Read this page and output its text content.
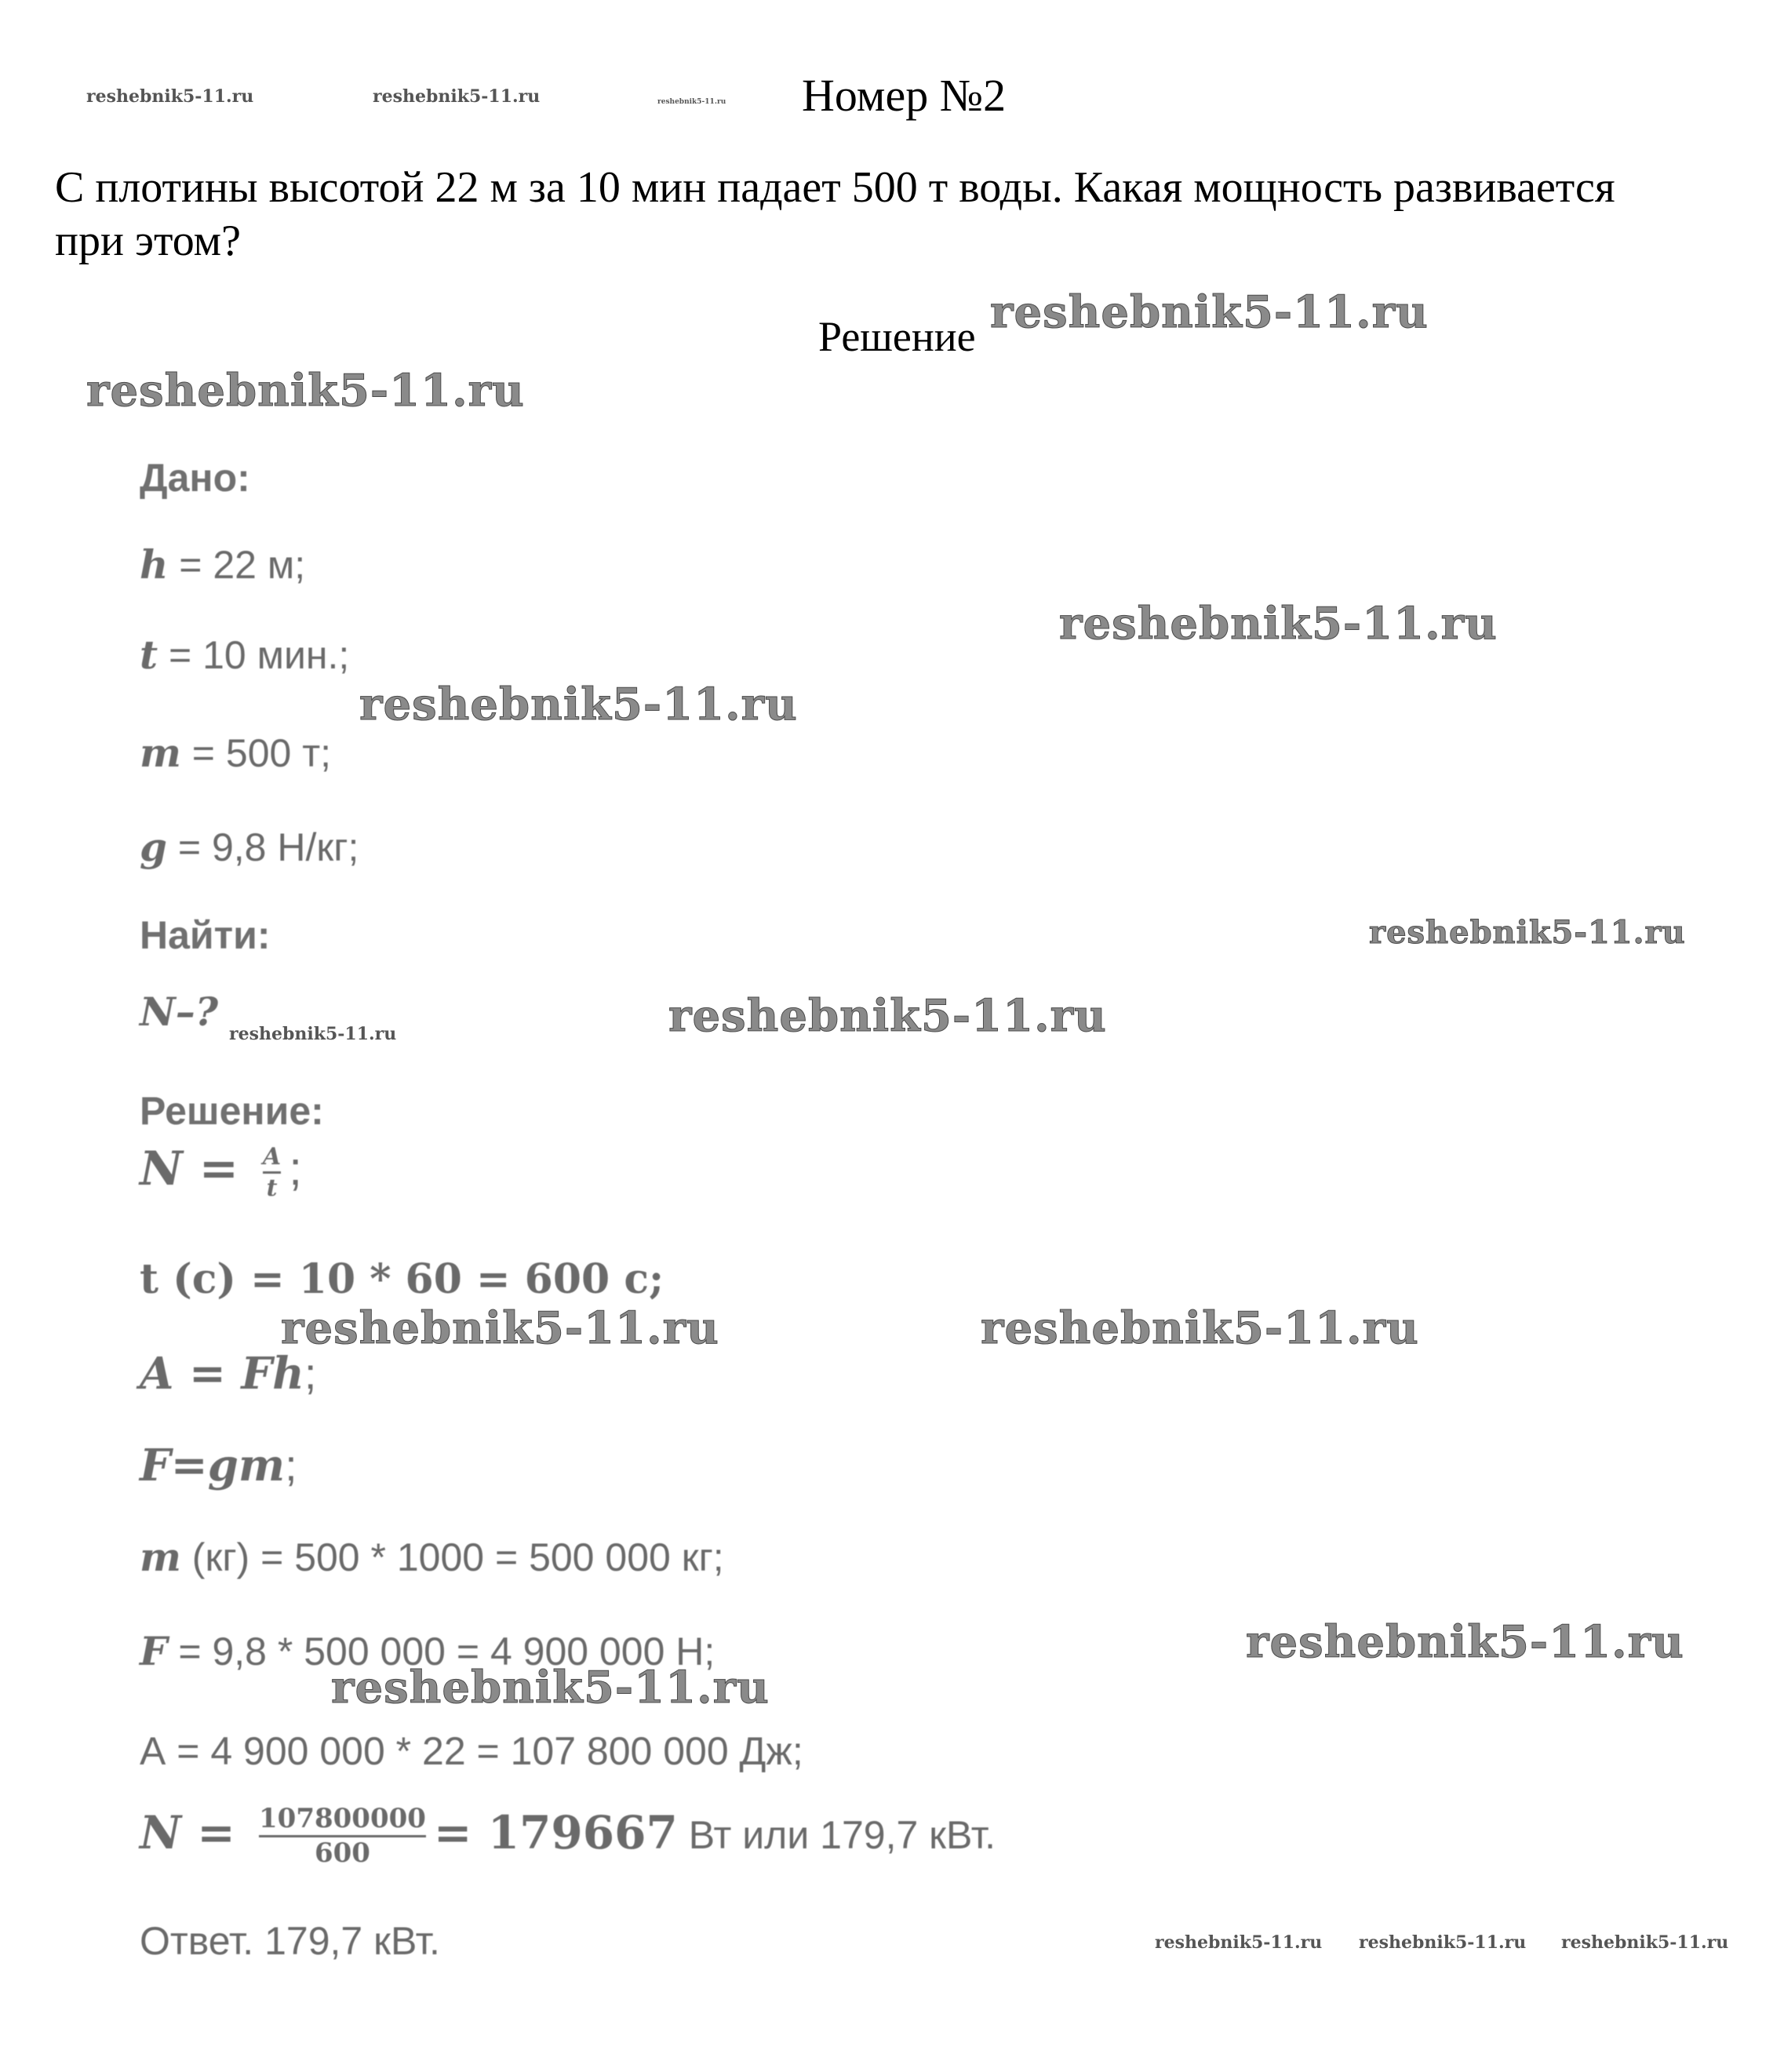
reshebnik5-11.ru	reshebnik5-11.ru	reshebnik5-11.ru Номер №2
С плотины высотой 22 м за 10 мин падает 500 т воды. Какая мощность развивается
при этом?
Решение reshebnik5-11.ru
reshebnik5-11.ru
reshebnik5-11.ru
reshebnik5-11.ru
reshebnik5-11.ru
reshebnik5-11.ru
reshebnik5-11.ru
reshebnik5-11.ru	reshebnik5-11.ru
reshebnik5-11.ru
reshebnik5-11.ru
reshebnik5-11.ru reshebnik5-11.ru reshebnik5-11.ru
Дано:
h = 22 м;
t = 10 мин.;
m = 500 т;
g = 9,8 Н/кг;
Найти:
N–?
Решение:
$N = \frac{A}{t}$ ;
t (c) = 10 * 60 = 600 с;
A = Fh;
F=gm;
m (кг) = 500 * 1000 = 500 000 кг;
F = 9,8 * 500 000 = 4 900 000 Н;
А = 4 900 000 * 22 = 107 800 000 Дж;
$N = \frac{107800000}{600} = 179667$ Вт или 179,7 кВт.
Ответ. 179,7 кВт.
